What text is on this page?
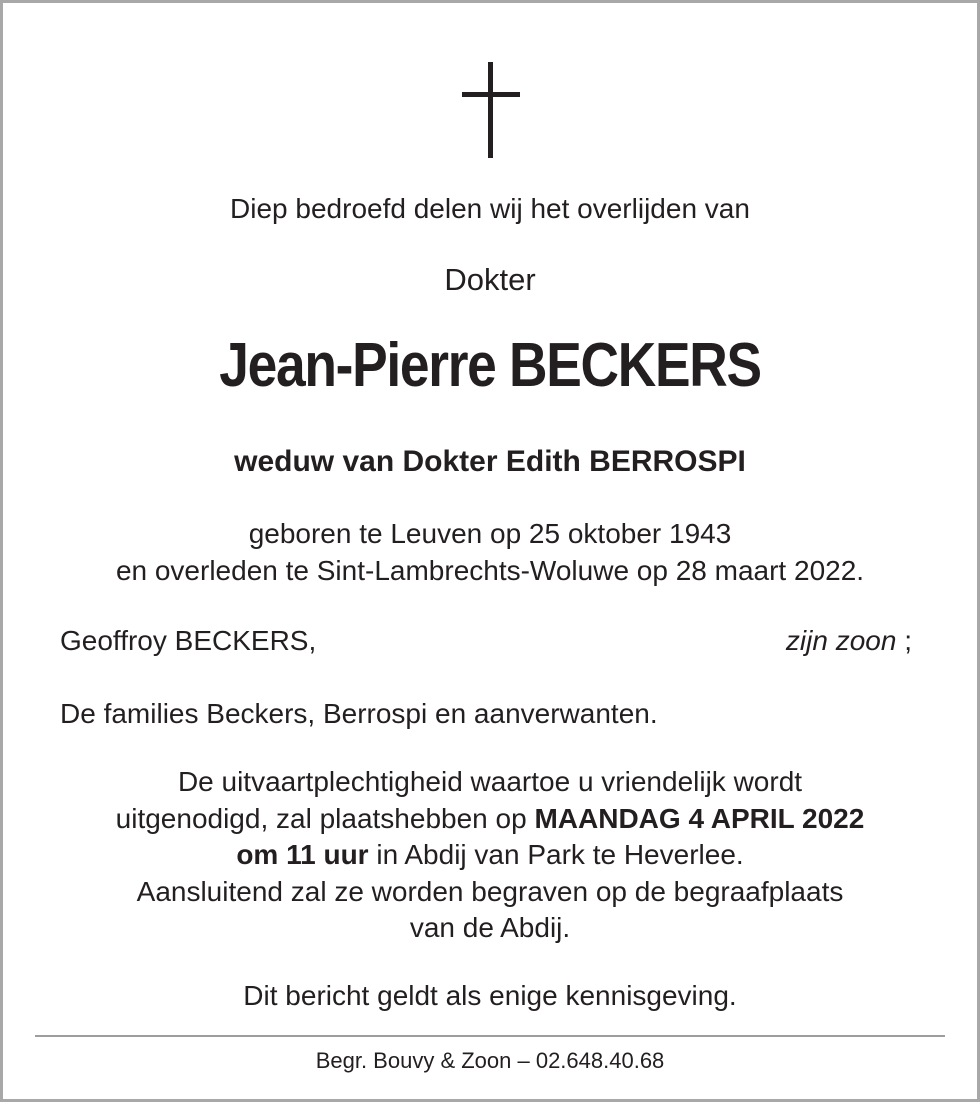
Diep bedroefd delen wij het overlijden van
Dokter
Jean-Pierre BECKERS
weduw van Dokter Edith BERROSPI
geboren te Leuven op 25 oktober 1943
en overleden te Sint-Lambrechts-Woluwe op 28 maart 2022.
Geoffroy BECKERS,	zijn zoon ;
De families Beckers, Berrospi en aanverwanten.
De uitvaartplechtigheid waartoe u vriendelijk wordt
uitgenodigd, zal plaatshebben op MAANDAG 4 APRIL 2022
om 11 uur in Abdij van Park te Heverlee.
Aansluitend zal ze worden begraven op de begraafplaats
van de Abdij.
Dit bericht geldt als enige kennisgeving.
Begr. Bouvy & Zoon – 02.648.40.68
